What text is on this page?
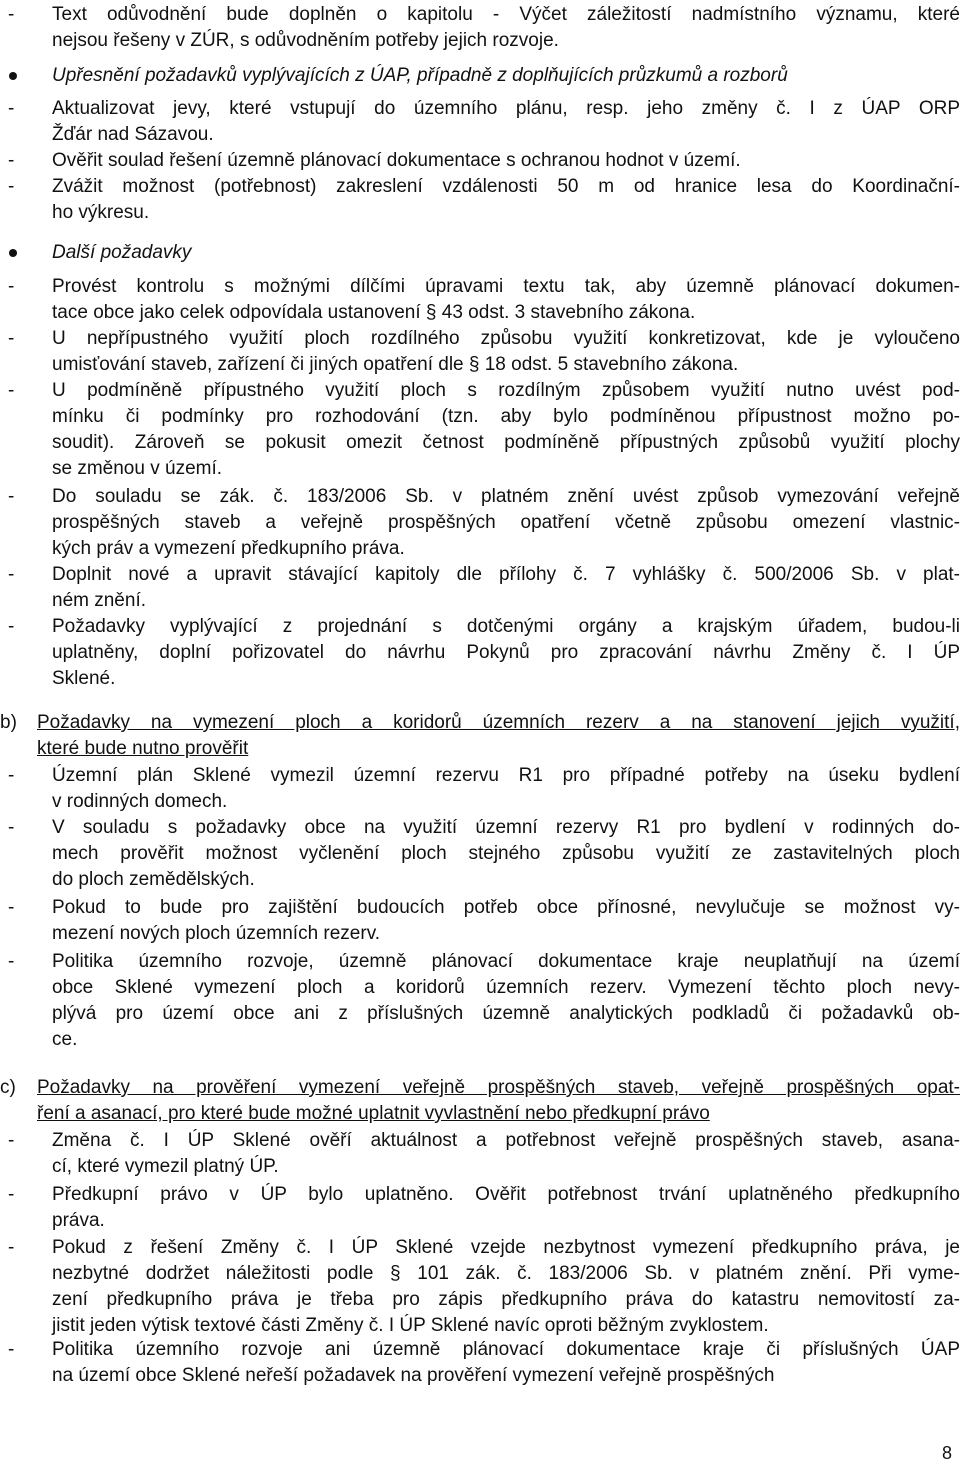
- Text odůvodnění bude doplněn o kapitolu - Výčet záležitostí nadmístního významu, které
nejsou řešeny v ZÚR, s odůvodněním potřeby jejich rozvoje.
Upřesnění požadavků vyplývajících z ÚAP, případně z doplňujících průzkumů a rozborů
- Aktualizovat jevy, které vstupují do územního plánu, resp. jeho změny č. I z ÚAP ORP
Žďár nad Sázavou.
- Ověřit soulad řešení územně plánovací dokumentace s ochranou hodnot v území.
- Zvážit možnost (potřebnost) zakreslení vzdálenosti 50 m od hranice lesa do Koordinační-
ho výkresu.
Další požadavky
- Provést kontrolu s možnými dílčími úpravami textu tak, aby územně plánovací dokumen-
tace obce jako celek odpovídala ustanovení § 43 odst. 3 stavebního zákona.
- U nepřípustného využití ploch rozdílného způsobu využití konkretizovat, kde je vyloučeno
umisťování staveb, zařízení či jiných opatření dle § 18 odst. 5 stavebního zákona.
- U podmíněně přípustného využití ploch s rozdílným způsobem využití nutno uvést pod-
mínku či podmínky pro rozhodování (tzn. aby bylo podmíněnou přípustnost možno po-
soudit). Zároveň se pokusit omezit četnost podmíněně přípustných způsobů využití plochy
se změnou v území.
- Do souladu se zák. č. 183/2006 Sb. v platném znění uvést způsob vymezování veřejně
prospěšných staveb a veřejně prospěšných opatření včetně způsobu omezení vlastnic-
kých práv a vymezení předkupního práva.
- Doplnit nové a upravit stávající kapitoly dle přílohy č. 7 vyhlášky č. 500/2006 Sb. v plat-
ném znění.
- Požadavky vyplývající z projednání s dotčenými orgány a krajským úřadem, budou-li
uplatněny, doplní pořizovatel do návrhu Pokynů pro zpracování návrhu Změny č. I ÚP
Sklené.
b) Požadavky na vymezení ploch a koridorů územních rezerv a na stanovení jejich využití,
které bude nutno prověřit
- Územní plán Sklené vymezil územní rezervu R1 pro případné potřeby na úseku bydlení
v rodinných domech.
- V souladu s požadavky obce na využití územní rezervy R1 pro bydlení v rodinných do-
mech prověřit možnost vyčlenění ploch stejného způsobu využití ze zastavitelných ploch
do ploch zemědělských.
- Pokud to bude pro zajištění budoucích potřeb obce přínosné, nevylučuje se možnost vy-
mezení nových ploch územních rezerv.
- Politika územního rozvoje, územně plánovací dokumentace kraje neuplatňují na území
obce Sklené vymezení ploch a koridorů územních rezerv. Vymezení těchto ploch nevy-
plývá pro území obce ani z příslušných územně analytických podkladů či požadavků ob-
ce.
c) Požadavky na prověření vymezení veřejně prospěšných staveb, veřejně prospěšných opat-
ření a asanací, pro které bude možné uplatnit vyvlastnění nebo předkupní právo
- Změna č. I ÚP Sklené ověří aktuálnost a potřebnost veřejně prospěšných staveb, asana-
cí, které vymezil platný ÚP.
- Předkupní právo v ÚP bylo uplatněno. Ověřit potřebnost trvání uplatněného předkupního
práva.
- Pokud z řešení Změny č. I ÚP Sklené vzejde nezbytnost vymezení předkupního práva, je
nezbytné dodržet náležitosti podle § 101 zák. č. 183/2006 Sb. v platném znění. Při vyme-
zení předkupního práva je třeba pro zápis předkupního práva do katastru nemovitostí za-
jistit jeden výtisk textové části Změny č. I ÚP Sklené navíc oproti běžným zvyklostem.
- Politika územního rozvoje ani územně plánovací dokumentace kraje či příslušných ÚAP
na území obce Sklené neřeší požadavek na prověření vymezení veřejně prospěšných
8
